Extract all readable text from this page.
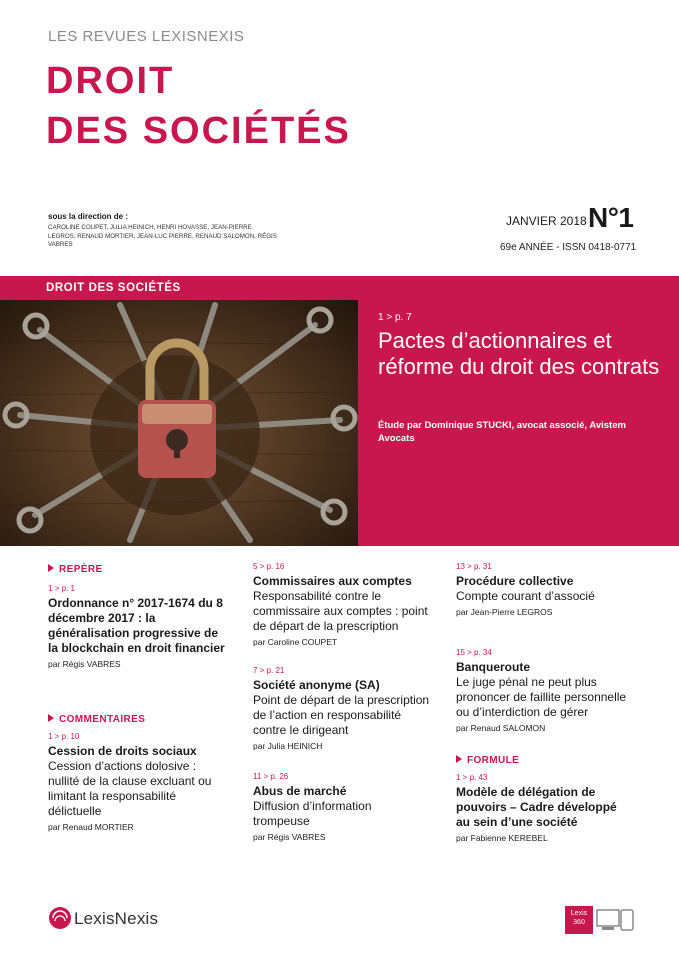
LES REVUES LEXISNEXIS
DROIT
DES SOCIÉTÉS
sous la direction de :
CAROLINE COUPET, JULIA HEINICH, HENRI HOVASSE, JEAN-PIERRE LEGROS, RENAUD MORTIER, JEAN-LUC PIERRE, RENAUD SALOMON, RÉGIS VABRES
JANVIER 2018 -
N°1
69e ANNÉE - ISSN 0418-0771
DROIT DES SOCIÉTÉS
1 > p. 7
Pactes d’actionnaires et réforme du droit des contrats
Étude par Dominique STUCKI, avocat associé, Avistem Avocats
REPÈRE
1 > p. 1
Ordonnance n° 2017-1674 du 8 décembre 2017 : la généralisation progressive de la blockchain en droit financier
par Régis VABRES
COMMENTAIRES
1 > p. 10
Cession de droits sociaux
Cession d’actions dolosive : nullité de la clause excluant ou limitant la responsabilité délictuelle
par Renaud MORTIER
5 > p. 16
Commissaires aux comptes
Responsabilité contre le commissaire aux comptes : point de départ de la prescription
par Caroline COUPET
7 > p. 21
Société anonyme (SA)
Point de départ de la prescription de l’action en responsabilité contre le dirigeant
par Julia HEINICH
11 > p. 26
Abus de marché
Diffusion d’information trompeuse
par Régis VABRES
13 > p. 31
Procédure collective
Compte courant d’associé
par Jean-Pierre LEGROS
15 > p. 34
Banqueroute
Le juge pénal ne peut plus prononcer de faillite personnelle ou d’interdiction de gérer
par Renaud SALOMON
FORMULE
1 > p. 43
Modèle de délégation de pouvoirs – Cadre développé au sein d’une société
par Fabienne KEREBEL
LexisNexis	Lexis 360
